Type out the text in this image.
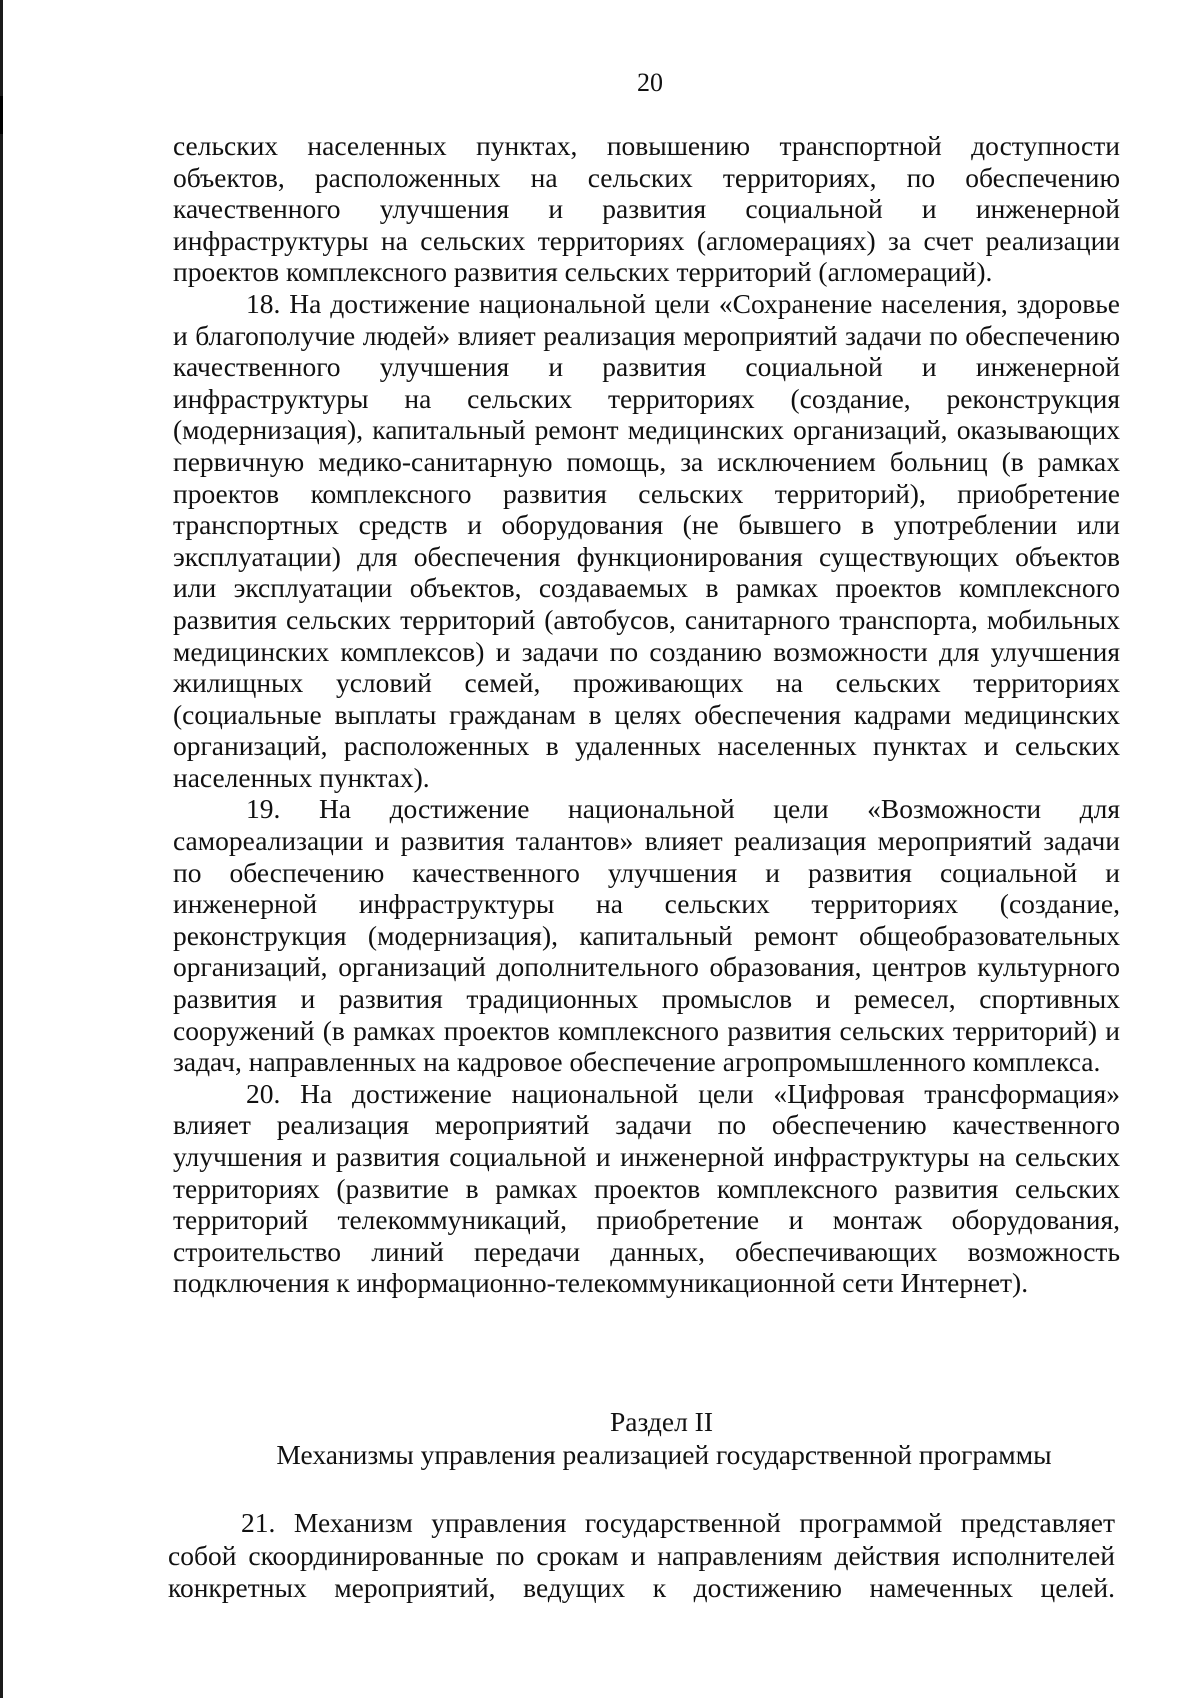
20

сельских населенных пунктах, повышению транспортной доступности объектов, расположенных на сельских территориях, по обеспечению качественного улучшения и развития социальной и инженерной инфраструктуры на сельских территориях (агломерациях) за счет реализации проектов комплексного развития сельских территорий (агломераций).

18. На достижение национальной цели «Сохранение населения, здоровье и благополучие людей» влияет реализация мероприятий задачи по обеспечению качественного улучшения и развития социальной и инженерной инфраструктуры на сельских территориях (создание, реконструкция (модернизация), капитальный ремонт медицинских организаций, оказывающих первичную медико-санитарную помощь, за исключением больниц (в рамках проектов комплексного развития сельских территорий), приобретение транспортных средств и оборудования (не бывшего в употреблении или эксплуатации) для обеспечения функционирования существующих объектов или эксплуатации объектов, создаваемых в рамках проектов комплексного развития сельских территорий (автобусов, санитарного транспорта, мобильных медицинских комплексов) и задачи по созданию возможности для улучшения жилищных условий семей, проживающих на сельских территориях (социальные выплаты гражданам в целях обеспечения кадрами медицинских организаций, расположенных в удаленных населенных пунктах и сельских населенных пунктах).

19. На достижение национальной цели «Возможности для самореализации и развития талантов» влияет реализация мероприятий задачи по обеспечению качественного улучшения и развития социальной и инженерной инфраструктуры на сельских территориях (создание, реконструкция (модернизация), капитальный ремонт общеобразовательных организаций, организаций дополнительного образования, центров культурного развития и развития традиционных промыслов и ремесел, спортивных сооружений (в рамках проектов комплексного развития сельских территорий) и задач, направленных на кадровое обеспечение агропромышленного комплекса.

20. На достижение национальной цели «Цифровая трансформация» влияет реализация мероприятий задачи по обеспечению качественного улучшения и развития социальной и инженерной инфраструктуры на сельских территориях (развитие в рамках проектов комплексного развития сельских территорий телекоммуникаций, приобретение и монтаж оборудования, строительство линий передачи данных, обеспечивающих возможность подключения к информационно-телекоммуникационной сети Интернет).

Раздел II

Механизмы управления реализацией государственной программы

21. Механизм управления государственной программой представляет собой скоординированные по срокам и направлениям действия исполнителей конкретных мероприятий, ведущих к достижению намеченных целей.
